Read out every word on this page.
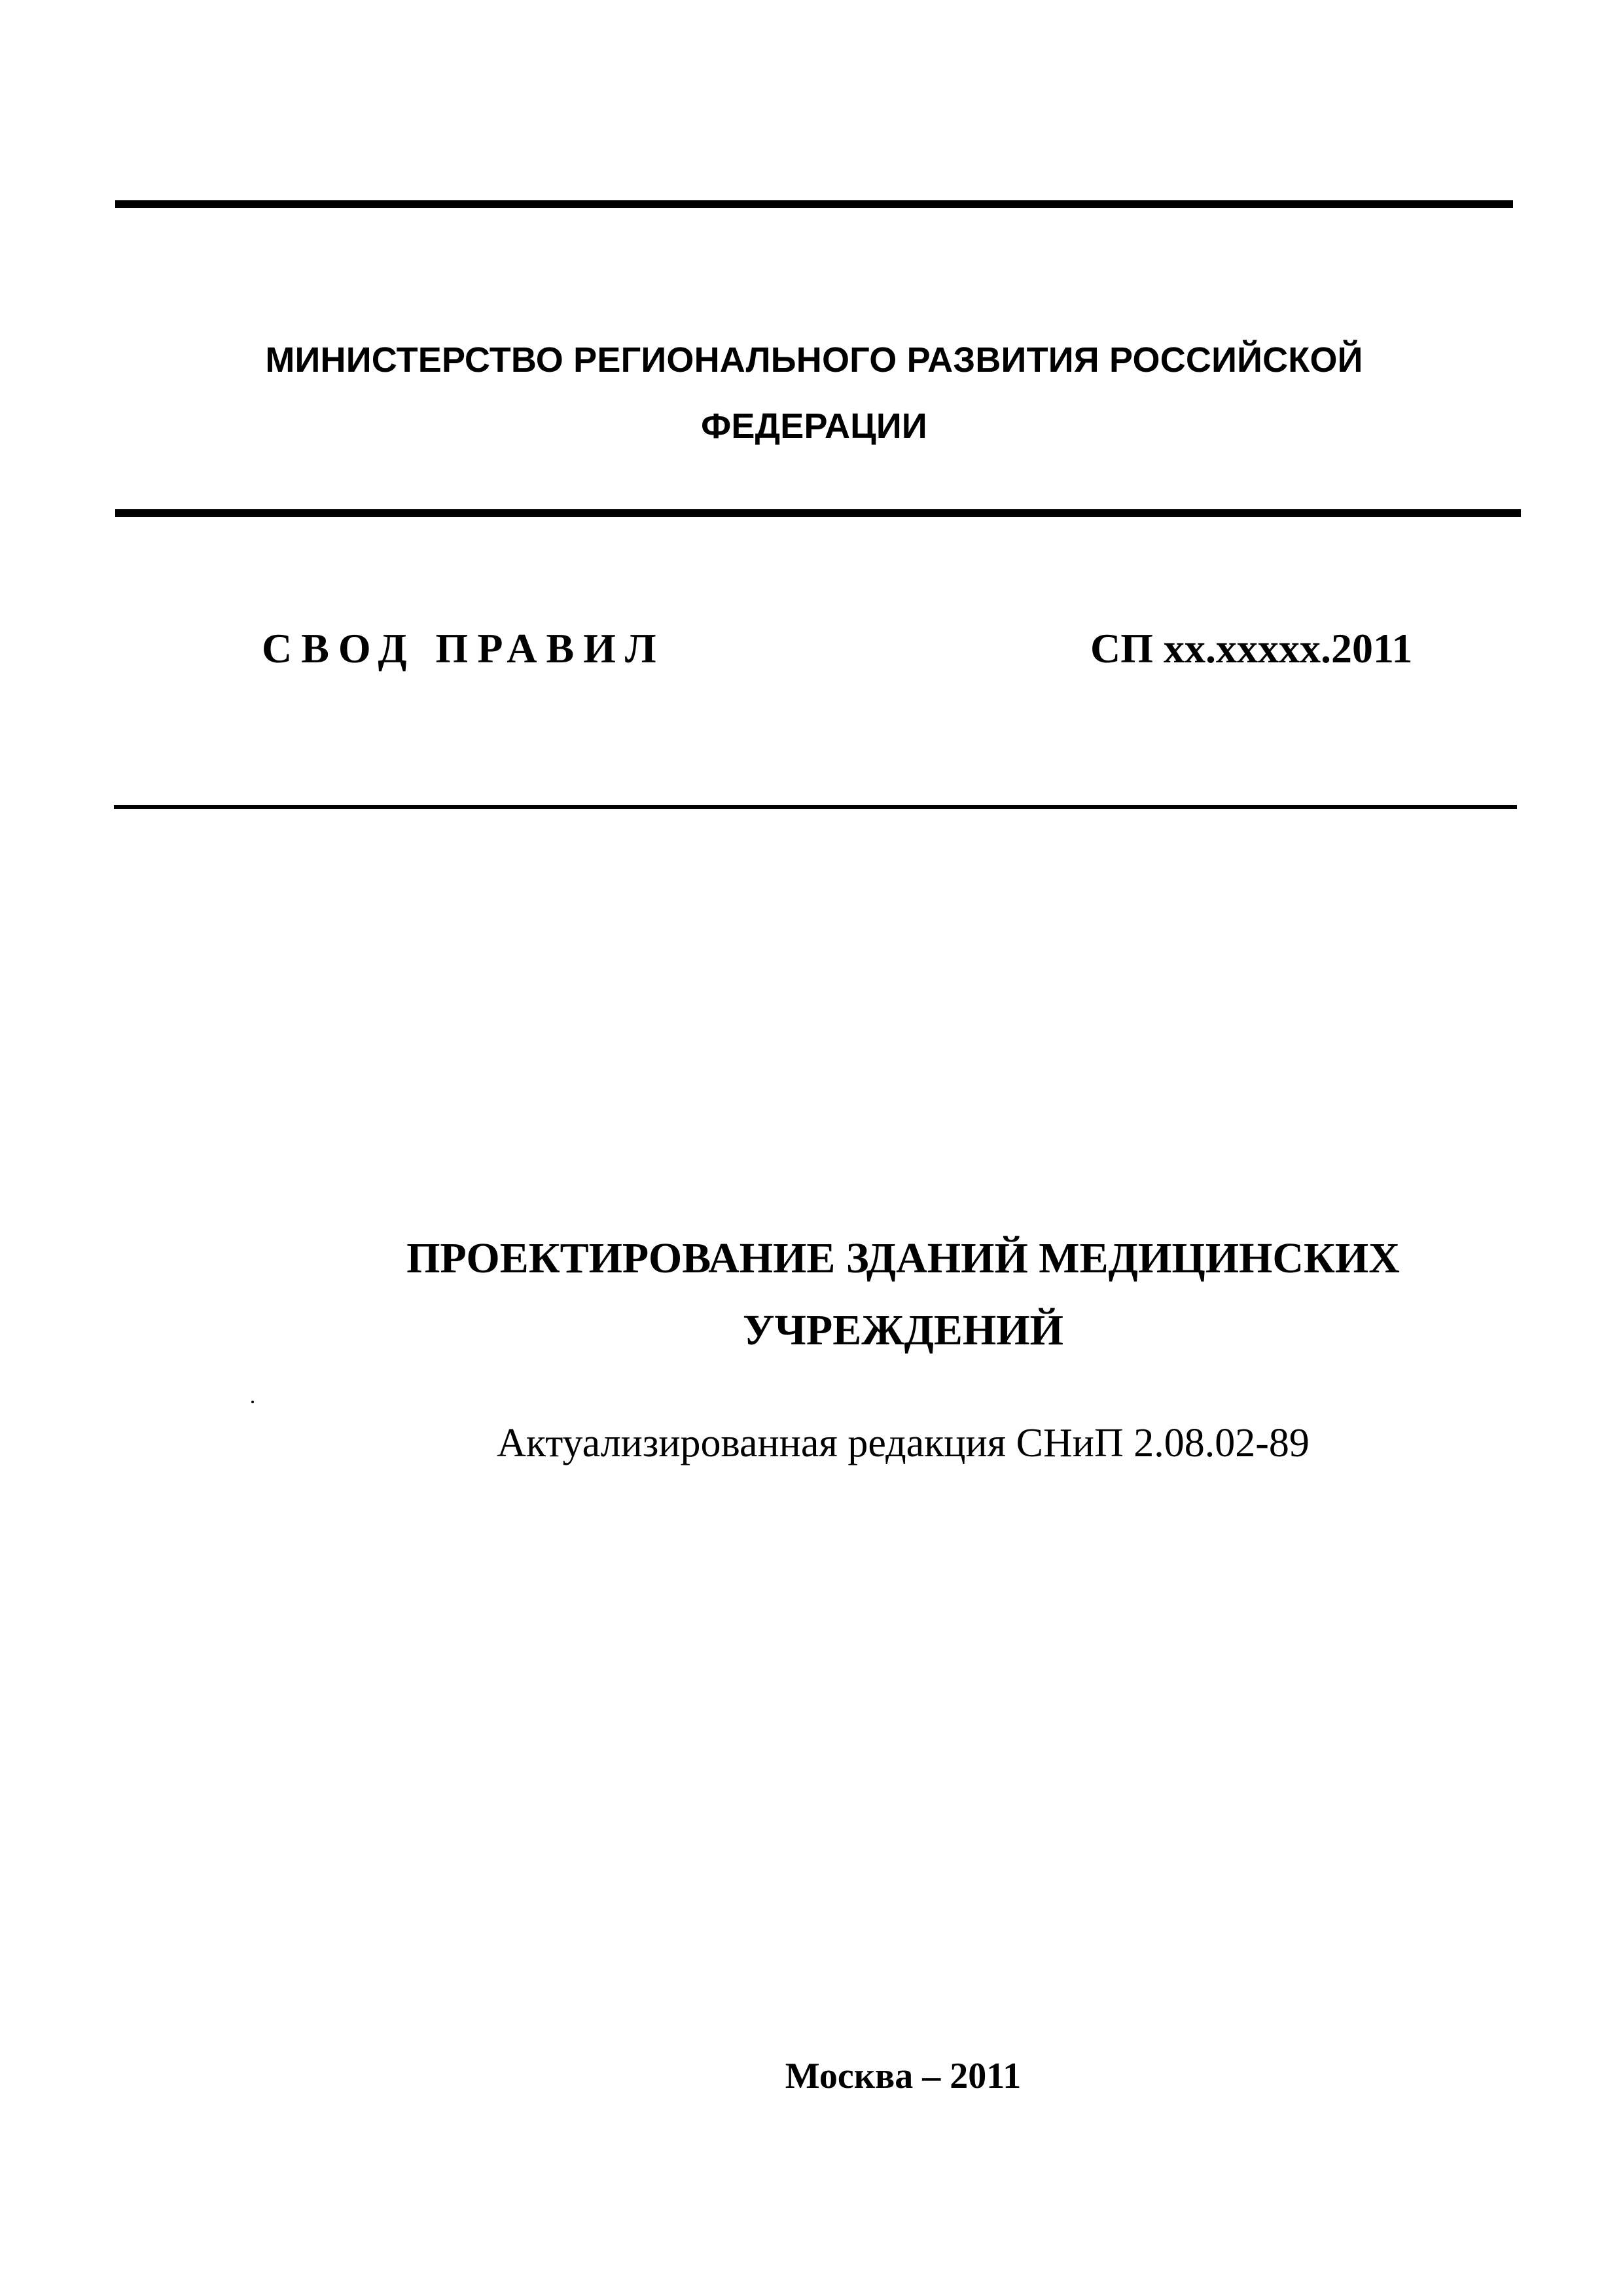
МИНИСТЕРСТВО РЕГИОНАЛЬНОГО РАЗВИТИЯ РОССИЙСКОЙ
ФЕДЕРАЦИИ
СВОД ПРАВИЛ	СП xx.xxxxx.2011
ПРОЕКТИРОВАНИЕ ЗДАНИЙ МЕДИЦИНСКИХ
УЧРЕЖДЕНИЙ
Актуализированная редакция СНиП 2.08.02-89
Москва – 2011
